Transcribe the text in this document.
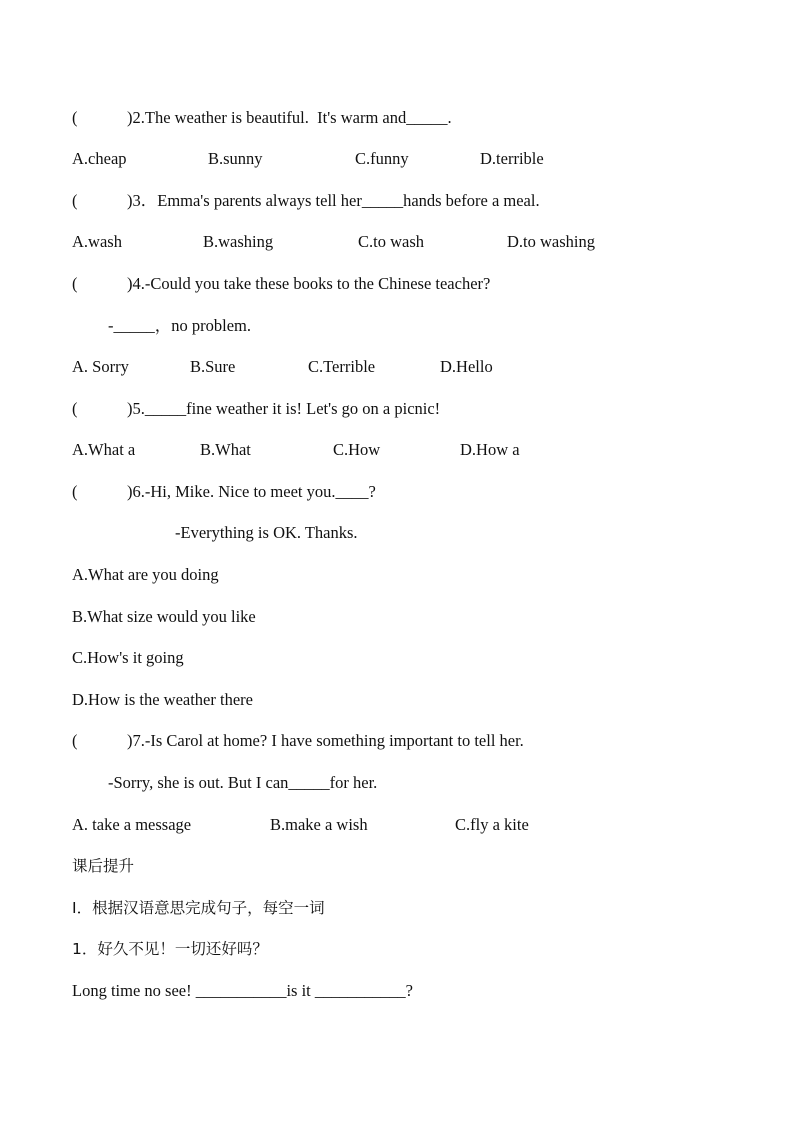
(            )2.The weather is beautiful.  It's warm and_____.

A.cheap

	B.sunny

	C.funny

	D.terrible

(            )3．Emma's parents always tell her_____hands before a meal.

A.wash

	B.washing

	C.to wash

	D.to washing

(            )4.-Could you take these books to the Chinese teacher?
-_____，no problem.

A. Sorry

	B.Sure

	C.Terrible

	D.Hello

(            )5._____fine weather it is! Let's go on a picnic!

A.What a

	B.What

	C.How

	D.How a

(            )6.-Hi, Mike. Nice to meet you.____?
-Everything is OK. Thanks.
A.What are you doing
B.What size would you like
C.How's it going
D.How is the weather there
(            )7.-Is Carol at home? I have something important to tell her.
-Sorry, she is out. But I can_____for her.

A. take a message

	B.make a wish

	C.fly a kite

课后提升
Ⅰ．根据汉语意思完成句子，每空一词
1．好久不见！一切还好吗？
Long time no see! ___________is it ___________?
